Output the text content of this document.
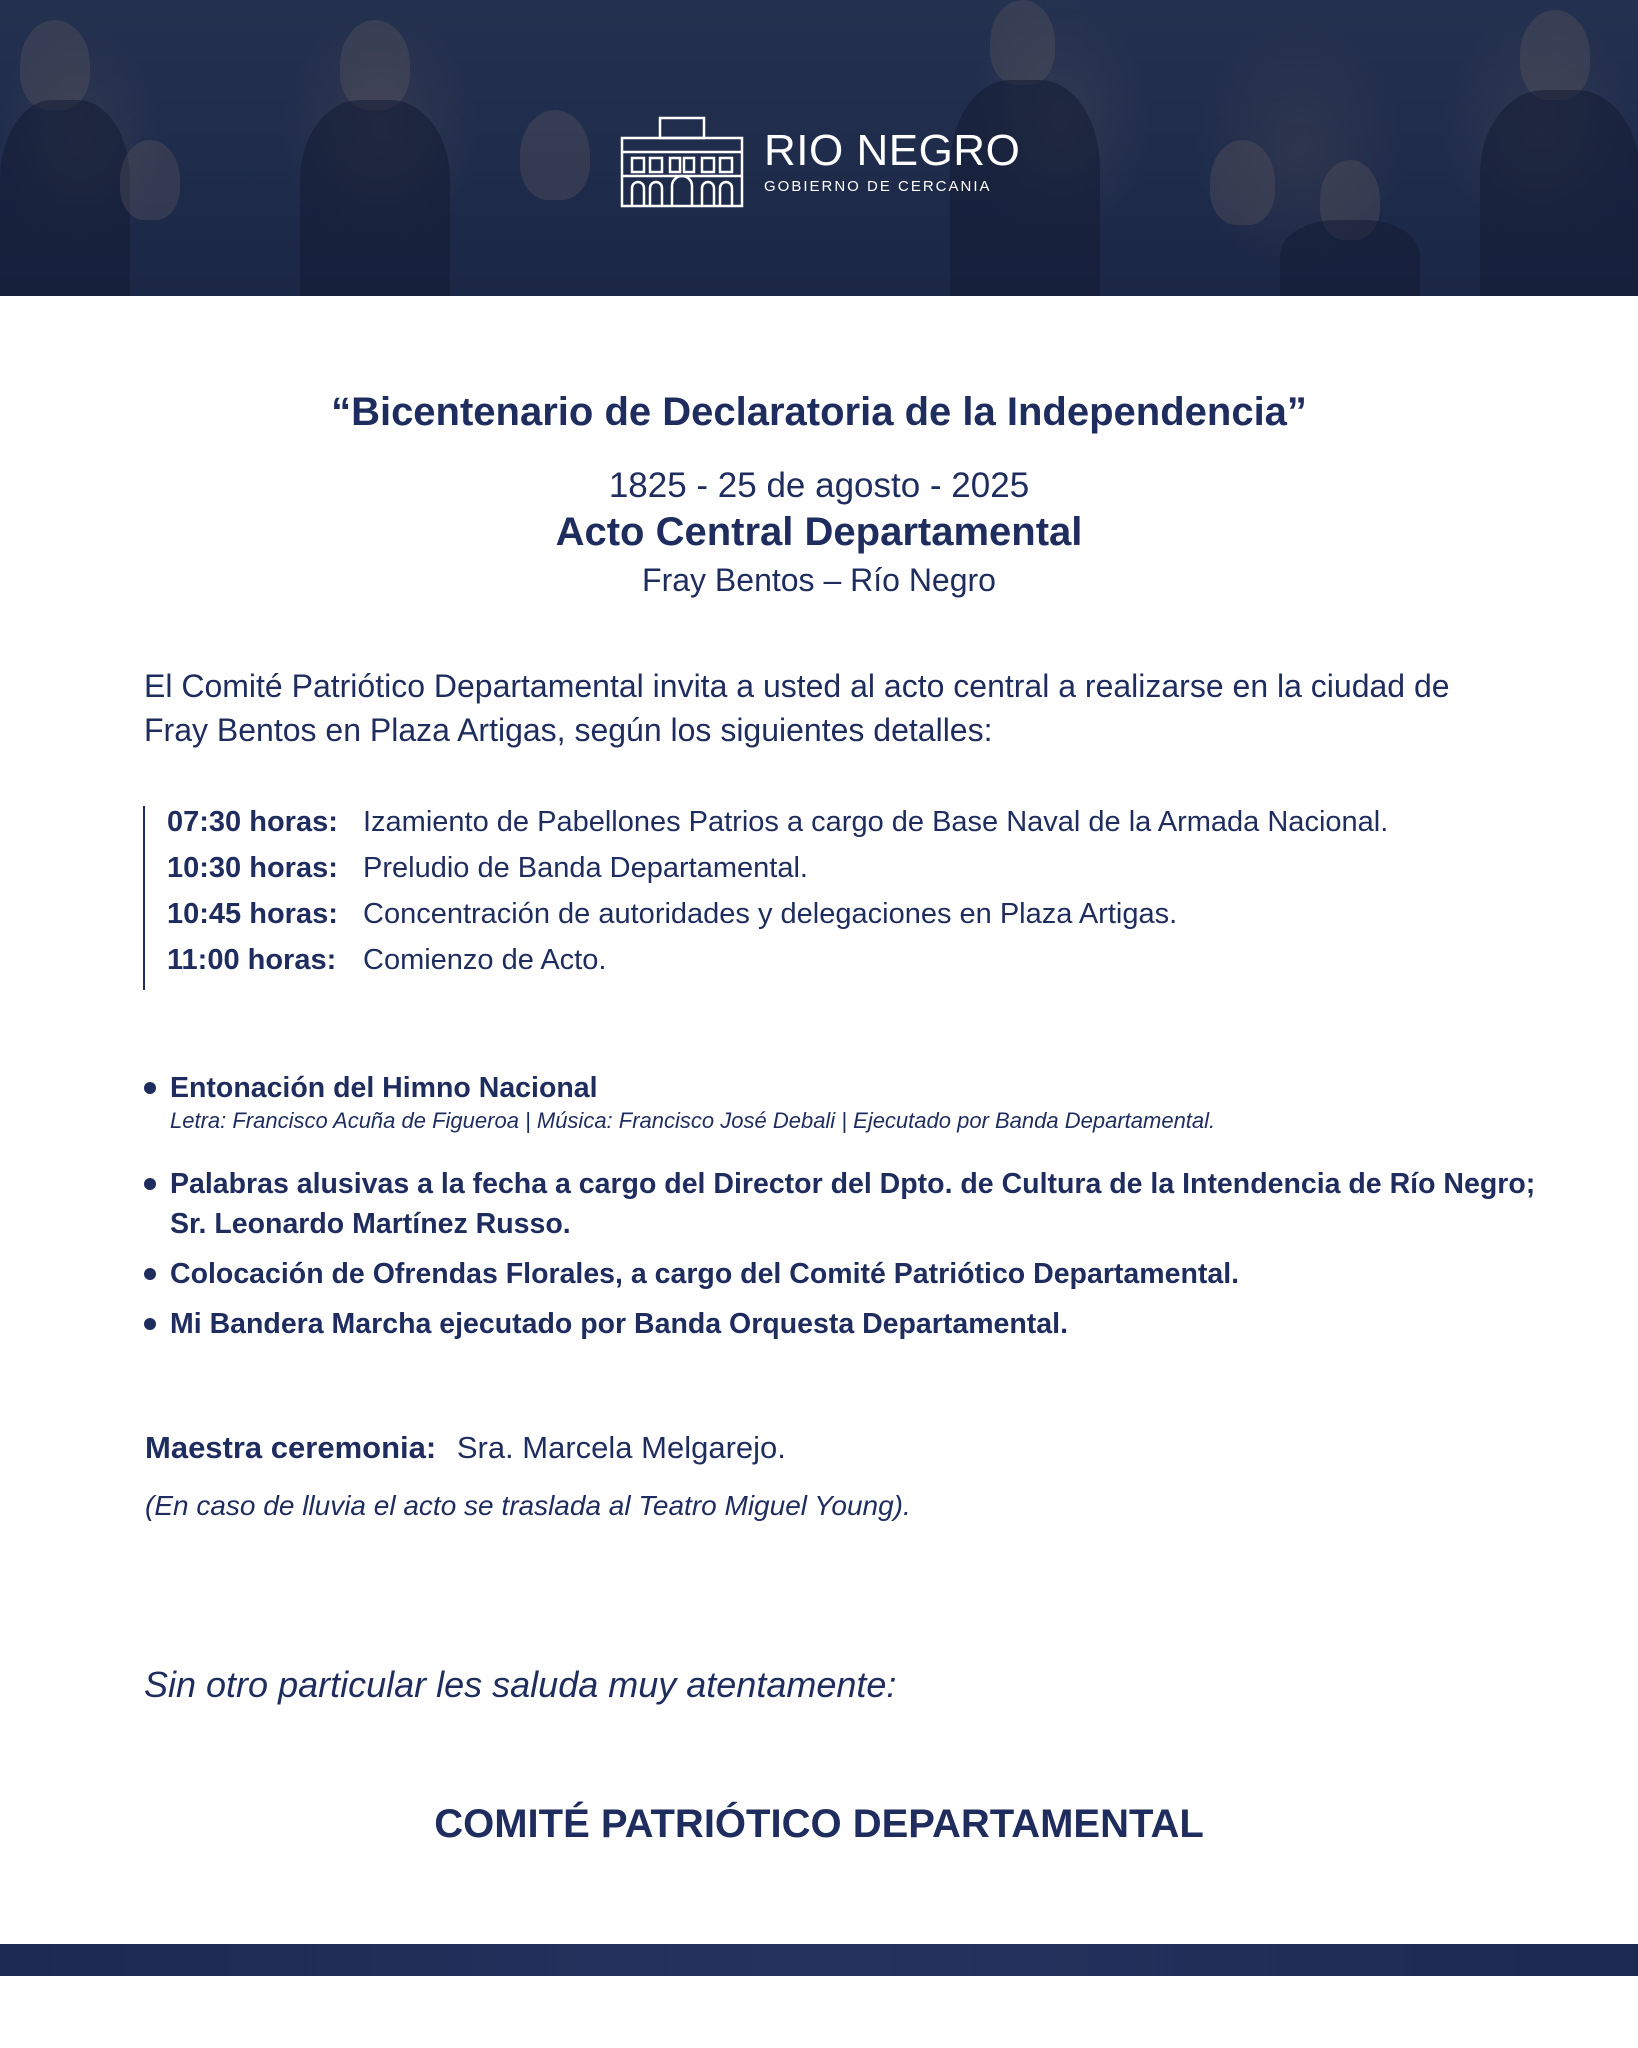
RIO NEGRO
GOBIERNO DE CERCANIA
“Bicentenario de Declaratoria de la Independencia”
1825 - 25 de agosto - 2025
Acto Central Departamental
Fray Bentos – Río Negro
El Comité Patriótico Departamental invita a usted al acto central a realizarse en la ciudad de Fray Bentos en Plaza Artigas, según los siguientes detalles:
07:30 horas: Izamiento de Pabellones Patrios a cargo de Base Naval de la Armada Nacional.
10:30 horas: Preludio de Banda Departamental.
10:45 horas: Concentración de autoridades y delegaciones en Plaza Artigas.
11:00 horas: Comienzo de Acto.
Entonación del Himno Nacional
Letra: Francisco Acuña de Figueroa | Música: Francisco José Debali | Ejecutado por Banda Departamental.
Palabras alusivas a la fecha a cargo del Director del Dpto. de Cultura de la Intendencia de Río Negro; Sr. Leonardo Martínez Russo.
Colocación de Ofrendas Florales, a cargo del Comité Patriótico Departamental.
Mi Bandera Marcha ejecutado por Banda Orquesta Departamental.
Maestra ceremonia: Sra. Marcela Melgarejo.
(En caso de lluvia el acto se traslada al Teatro Miguel Young).
Sin otro particular les saluda muy atentamente:
COMITÉ PATRIÓTICO DEPARTAMENTAL
